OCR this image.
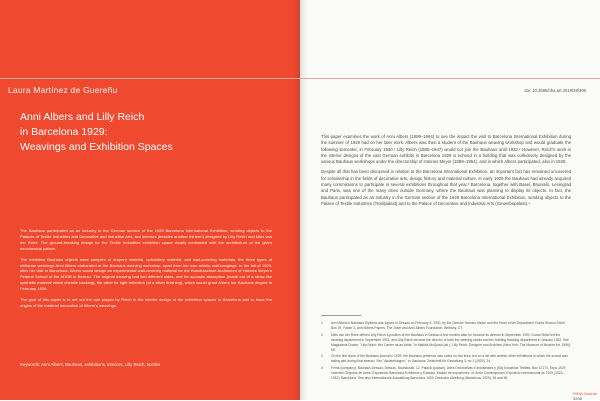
Laura Martínez de Guereñu	doi: 10.3986/riha.art.2019/28/208
Anni Albers and Lilly Reich
in Barcelona 1929:
Weavings and Exhibition Spaces

The Bauhaus participated as an industry in the German section of the 1929 Barcelona International Exhibition, sending objects to the Palaces of Textile Industries and Decorative and Industrial Arts, two interiors (besides another thirteen) designed by Lilly Reich and Mies van der Rohe. The ground-breaking design for the Textile Industries exhibition space clearly contrasted with the architecture of the given neoclassical palace.

The exhibited Bauhaus objects were samples of drapery material, upholstery material, and wall-covering materials, the three types of utilitarian weavings Anni Albers elaborated at the Bauhaus weaving workshop, apart from her own artistic wall-hangings. In the fall of 1929, after her visit to Barcelona, Albers would design an experimental wall-covering material for the Bundesschule Auditorium of Hannes Meyer's Federal School of the ADGB in Bernau. The original weaving had two different sides, one for acoustic absorption (made out of a straw-like synthetic material which chenille backing), the other for light reflection (of a silver finishing), which would grant Albers her Bauhaus degree in February 1930.

The goal of this paper is to set out the role played by Reich in the interior design of the exhibition spaces in Barcelona and to trace the origins of the material innovation of Albers's weavings.

Keywords: Anni Albers, Bauhaus, exhibitions, interiors, Lilly Reich, textiles

This paper examines the work of Anni Albers (1899–1994) to see the impact the visit to Barcelona International Exhibition during the summer of 1929 had on her later work. Albers was then a student of the Bauhaus weaving workshop and would graduate the following semester, in February 1930.¹ Lilly Reich (1885–1947) would not join the Bauhaus until 1932.² However, Reich's work in the interior designs of the vast German exhibits in Barcelona 1929 is echoed in a building that was collectively designed by the various Bauhaus workshops under the directorship of Hannes Meyer (1889–1954), and in which Albers participated, also in 1929.

Despite all that has been discussed in relation to the Barcelona International Exhibition, an important fact has remained uncovered for scholarship in the fields of decorative arts, design history and material culture. In early 1929 the Bauhaus had already acquired many commissions to participate in several exhibitions throughout that year.³ Barcelona, together with Basel, Brussels, Leningrad and Paris, was one of the many cities outside Germany, where the Bauhaus was planning to display its objects. In fact, the Bauhaus participated as an industry in the German section of the 1929 Barcelona International Exhibition, sending objects to the Palace of Textile Industries (Textilpalast) and to the Palace of Decorative and Industrial Arts (Gewerbepalast).⁴

1	Anni Albers's Bauhaus Diploma was signed in Dessau on February 4, 1930, by the Director Hannes Meyer and the Head of the Department Gunta Sharon-Stölzl. Box 29, Folder 2, Anni Albers Papers. The Josef and Anni Albers Foundation, Bethany, CT.
2	Mies van der Rohe offered Lilly Reich a position at the Bauhaus in Dessau a few months after he became its director in September 1930. Gunta Stölzl left the weaving department in September 1931, and Lilly Reich became the director of both the weaving studio and the building finishing department in January 1932. See Magdalena Droste, "Lilly Reich: Her Career as an Artist," in Matilda McQuaid (ed.), Lilly Reich: Designer and Architect (New York: The Museum of Modern Art, 1996), 55.
3	On the first issue of the Bauhaus journal in 1929, the Bauhaus presence was noted on two lines, but on a list with sixteen other exhibitions in which the school was taking part during that season. See "Ausstellungen," in: Bauhaus: Zeitschrift für Gestaltung 3, no 1 (1929), 24.
4	Firma (company), Bauhaus Dessau; Dessau, Bauhausstr. 12. Palacio (palace), Artes Decorativas e Industriales y [Sic] Industrias Textiles. Box 47174, Expo 1929 Inventari Objectes de Artes. Exposición Barcelona Exhibitors y Estados. Estado de expositores. in: Arxiu Contemporani, Exposició Internacional de 1929 (1923–1942), Barcelona. See also Internationale Ausstellung Barcelona 1929. Deutsche Abteilung (Barcelona, 1929), 56 and 66.
RIHA Journal 0208
